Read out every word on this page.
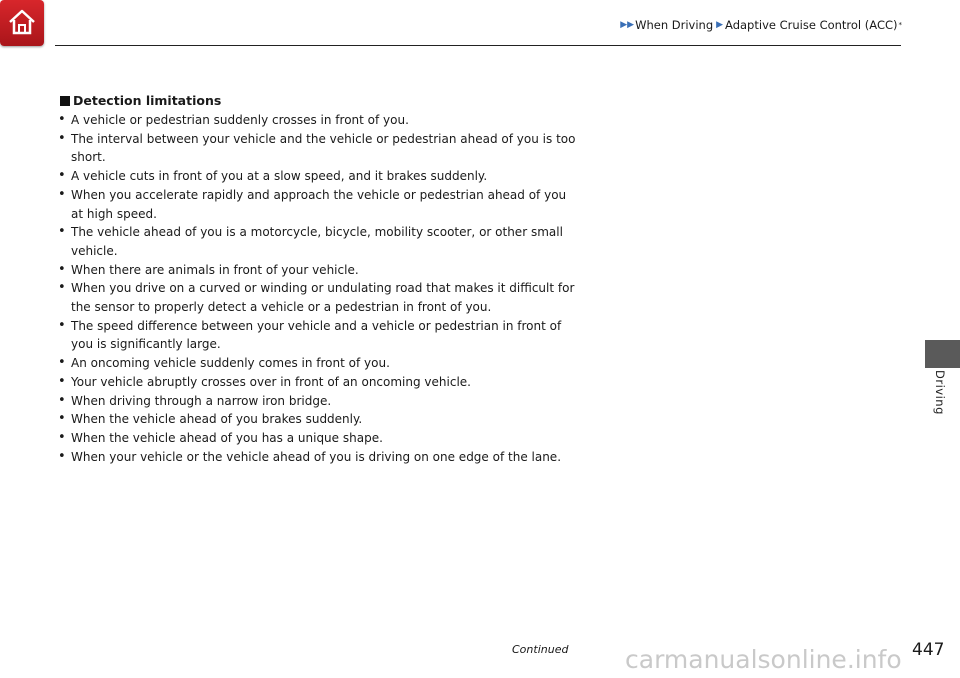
▶▶ When Driving ▶ Adaptive Cruise Control (ACC) *
Detection limitations
• A vehicle or pedestrian suddenly crosses in front of you.
• The interval between your vehicle and the vehicle or pedestrian ahead of you is too short.
• A vehicle cuts in front of you at a slow speed, and it brakes suddenly.
• When you accelerate rapidly and approach the vehicle or pedestrian ahead of you at high speed.
• The vehicle ahead of you is a motorcycle, bicycle, mobility scooter, or other small vehicle.
• When there are animals in front of your vehicle.
• When you drive on a curved or winding or undulating road that makes it difficult for the sensor to properly detect a vehicle or a pedestrian in front of you.
• The speed difference between your vehicle and a vehicle or pedestrian in front of you is significantly large.
• An oncoming vehicle suddenly comes in front of you.
• Your vehicle abruptly crosses over in front of an oncoming vehicle.
• When driving through a narrow iron bridge.
• When the vehicle ahead of you brakes suddenly.
• When the vehicle ahead of you has a unique shape.
• When your vehicle or the vehicle ahead of you is driving on one edge of the lane.
Driving
Continued carmanualsonline.info 447
